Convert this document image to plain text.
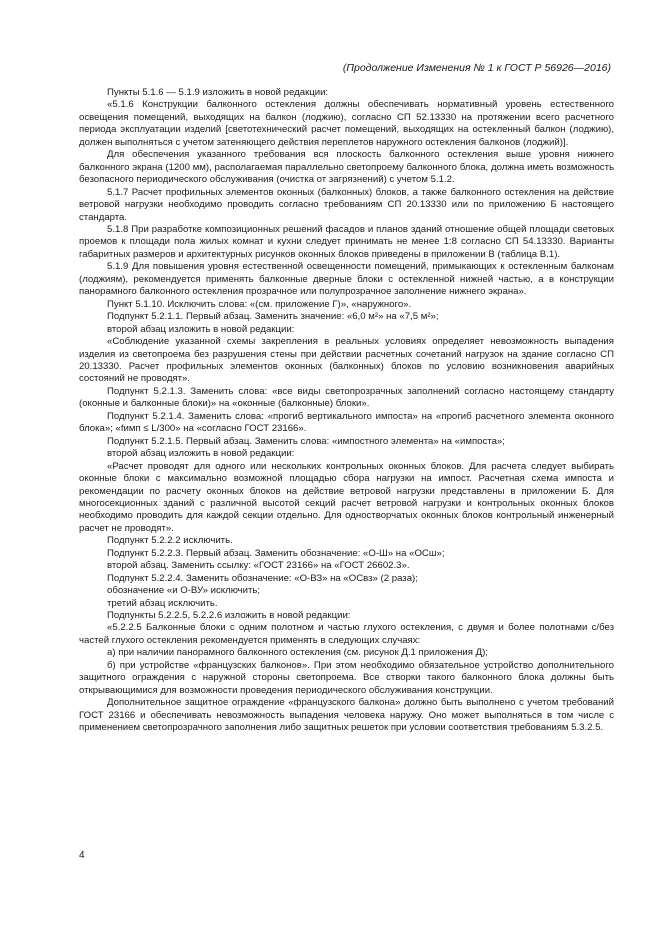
(Продолжение Изменения № 1 к ГОСТ Р 56926—2016)

Пункты 5.1.6 — 5.1.9 изложить в новой редакции:

«5.1.6 Конструкции балконного остекления должны обеспечивать нормативный уровень естественного освещения помещений, выходящих на балкон (лоджию), согласно СП 52.13330 на протяжении всего расчетного периода эксплуатации изделий [светотехнический расчет помещений, выходящих на остекленный балкон (лоджию), должен выполняться с учетом затеняющего действия переплетов наружного остекления балконов (лоджий)].

Для обеспечения указанного требования вся плоскость балконного остекления выше уровня нижнего балконного экрана (1200 мм), располагаемая параллельно светопроему балконного блока, должна иметь возможность безопасного периодического обслуживания (очистка от загрязнений) с учетом 5.1.2.

5.1.7 Расчет профильных элементов оконных (балконных) блоков, а также балконного остекления на действие ветровой нагрузки необходимо проводить согласно требованиям СП 20.13330 или по приложению Б настоящего стандарта.

5.1.8 При разработке композиционных решений фасадов и планов зданий отношение общей площади световых проемов к площади пола жилых комнат и кухни следует принимать не менее 1:8 согласно СП 54.13330. Варианты габаритных размеров и архитектурных рисунков оконных блоков приведены в приложении В (таблица В.1).

5.1.9 Для повышения уровня естественной освещенности помещений, примыкающих к остекленным балконам (лоджиям), рекомендуется применять балконные дверные блоки с остекленной нижней частью, а в конструкции панорамного балконного остекления прозрачное или полупрозрачное заполнение нижнего экрана».

Пункт 5.1.10. Исключить слова: «(см. приложение Г)», «наружного».

Подпункт 5.2.1.1. Первый абзац. Заменить значение: «6,0 м²» на «7,5 м²»;

второй абзац изложить в новой редакции:

«Соблюдение указанной схемы закрепления в реальных условиях определяет невозможность выпадения изделия из светопроема без разрушения стены при действии расчетных сочетаний нагрузок на здание согласно СП 20.13330. Расчет профильных элементов оконных (балконных) блоков по условию возникновения аварийных состояний не проводят».

Подпункт 5.2.1.3. Заменить слова: «все виды светопрозрачных заполнений согласно настоящему стандарту (оконные и балконные блоки)» на «оконные (балконные) блоки».

Подпункт 5.2.1.4. Заменить слова: «прогиб вертикального импоста» на «прогиб расчетного элемента оконного блока»; «fимп ≤ L/300» на «согласно ГОСТ 23166».

Подпункт 5.2.1.5. Первый абзац. Заменить слова: «импостного элемента» на «импоста»;

второй абзац изложить в новой редакции:

«Расчет проводят для одного или нескольких контрольных оконных блоков. Для расчета следует выбирать оконные блоки с максимально возможной площадью сбора нагрузки на импост. Расчетная схема импоста и рекомендации по расчету оконных блоков на действие ветровой нагрузки представлены в приложении Б. Для многосекционных зданий с различной высотой секций расчет ветровой нагрузки и контрольных оконных блоков необходимо проводить для каждой секции отдельно. Для одностворчатых оконных блоков контрольный инженерный расчет не проводят».

Подпункт 5.2.2.2 исключить.

Подпункт 5.2.2.3. Первый абзац. Заменить обозначение: «О-Ш» на «ОСш»;

второй абзац. Заменить ссылку: «ГОСТ 23166» на «ГОСТ 26602.3».

Подпункт 5.2.2.4. Заменить обозначение: «О-ВЗ» на «ОСвз» (2 раза);

обозначение «и О-ВУ» исключить;

третий абзац исключить.

Подпункты 5.2.2.5, 5.2.2.6 изложить в новой редакции:

«5.2.2.5 Балконные блоки с одним полотном и частью глухого остекления, с двумя и более полотнами с/без частей глухого остекления рекомендуется применять в следующих случаях:

а) при наличии панорамного балконного остекления (см. рисунок Д.1 приложения Д);

б) при устройстве «французских балконов». При этом необходимо обязательное устройство дополнительного защитного ограждения с наружной стороны светопроема. Все створки такого балконного блока должны быть открывающимися для возможности проведения периодического обслуживания конструкции.

Дополнительное защитное ограждение «французского балкона» должно быть выполнено с учетом требований ГОСТ 23166 и обеспечивать невозможность выпадения человека наружу. Оно может выполняться в том числе с применением светопрозрачного заполнения либо защитных решеток при условии соответствия требованиям 5.3.2.5.

4
